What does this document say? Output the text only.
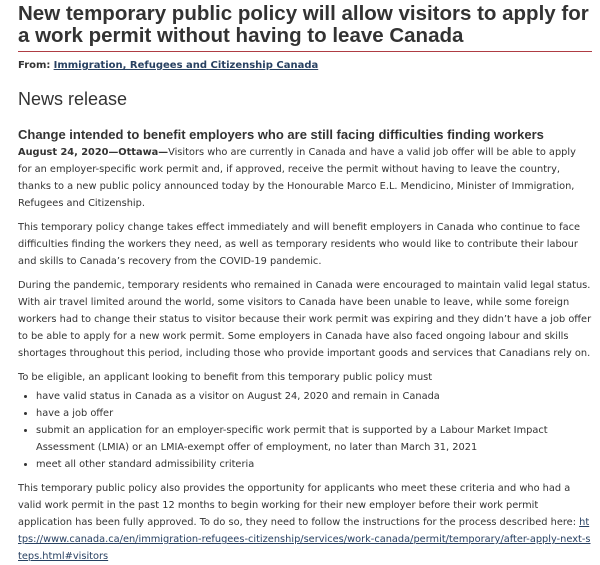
New temporary public policy will allow visitors to apply for a work permit without having to leave Canada
From: Immigration, Refugees and Citizenship Canada
News release
Change intended to benefit employers who are still facing difficulties finding workers

August 24, 2020—Ottawa—Visitors who are currently in Canada and have a valid job offer will be able to apply for an employer-specific work permit and, if approved, receive the permit without having to leave the country, thanks to a new public policy announced today by the Honourable Marco E.L. Mendicino, Minister of Immigration, Refugees and Citizenship.

This temporary policy change takes effect immediately and will benefit employers in Canada who continue to face difficulties finding the workers they need, as well as temporary residents who would like to contribute their labour and skills to Canada’s recovery from the COVID-19 pandemic.

During the pandemic, temporary residents who remained in Canada were encouraged to maintain valid legal status. With air travel limited around the world, some visitors to Canada have been unable to leave, while some foreign workers had to change their status to visitor because their work permit was expiring and they didn’t have a job offer to be able to apply for a new work permit. Some employers in Canada have also faced ongoing labour and skills shortages throughout this period, including those who provide important goods and services that Canadians rely on.

To be eligible, an applicant looking to benefit from this temporary public policy must

• have valid status in Canada as a visitor on August 24, 2020 and remain in Canada
• have a job offer
• submit an application for an employer-specific work permit that is supported by a Labour Market Impact Assessment (LMIA) or an LMIA-exempt offer of employment, no later than March 31, 2021
• meet all other standard admissibility criteria

This temporary public policy also provides the opportunity for applicants who meet these criteria and who had a valid work permit in the past 12 months to begin working for their new employer before their work permit application has been fully approved. To do so, they need to follow the instructions for the process described here: https://www.canada.ca/en/immigration-refugees-citizenship/services/work-canada/permit/temporary/after-apply-next-steps.html#visitors
